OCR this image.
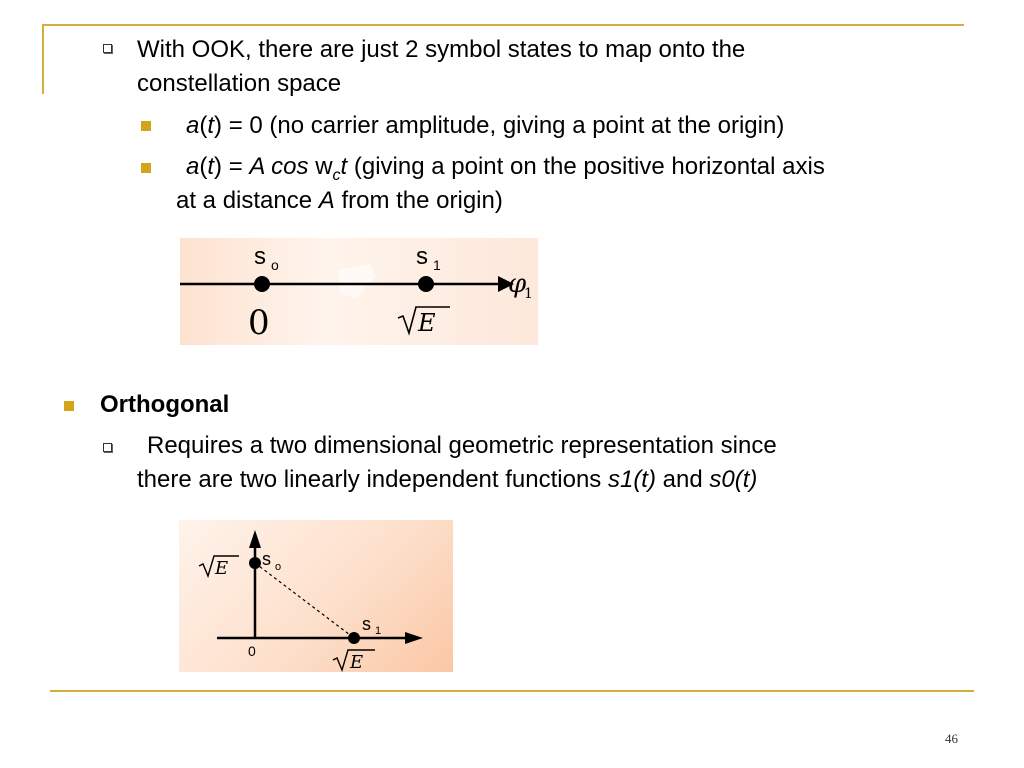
With OOK, there are just 2 symbol states to map onto the
constellation space
a(t) = 0 (no carrier amplitude, giving a point at the origin)
a(t) = A $\cos w_ct$ (giving a point on the positive horizontal axis
at a distance A from the origin)
s o	s 1
φ
1
0	E
Orthogonal
Requires a two dimensional geometric representation since
there are two linearly independent functions s1(t) and s0(t)
E s o
s 1
0
E
46
